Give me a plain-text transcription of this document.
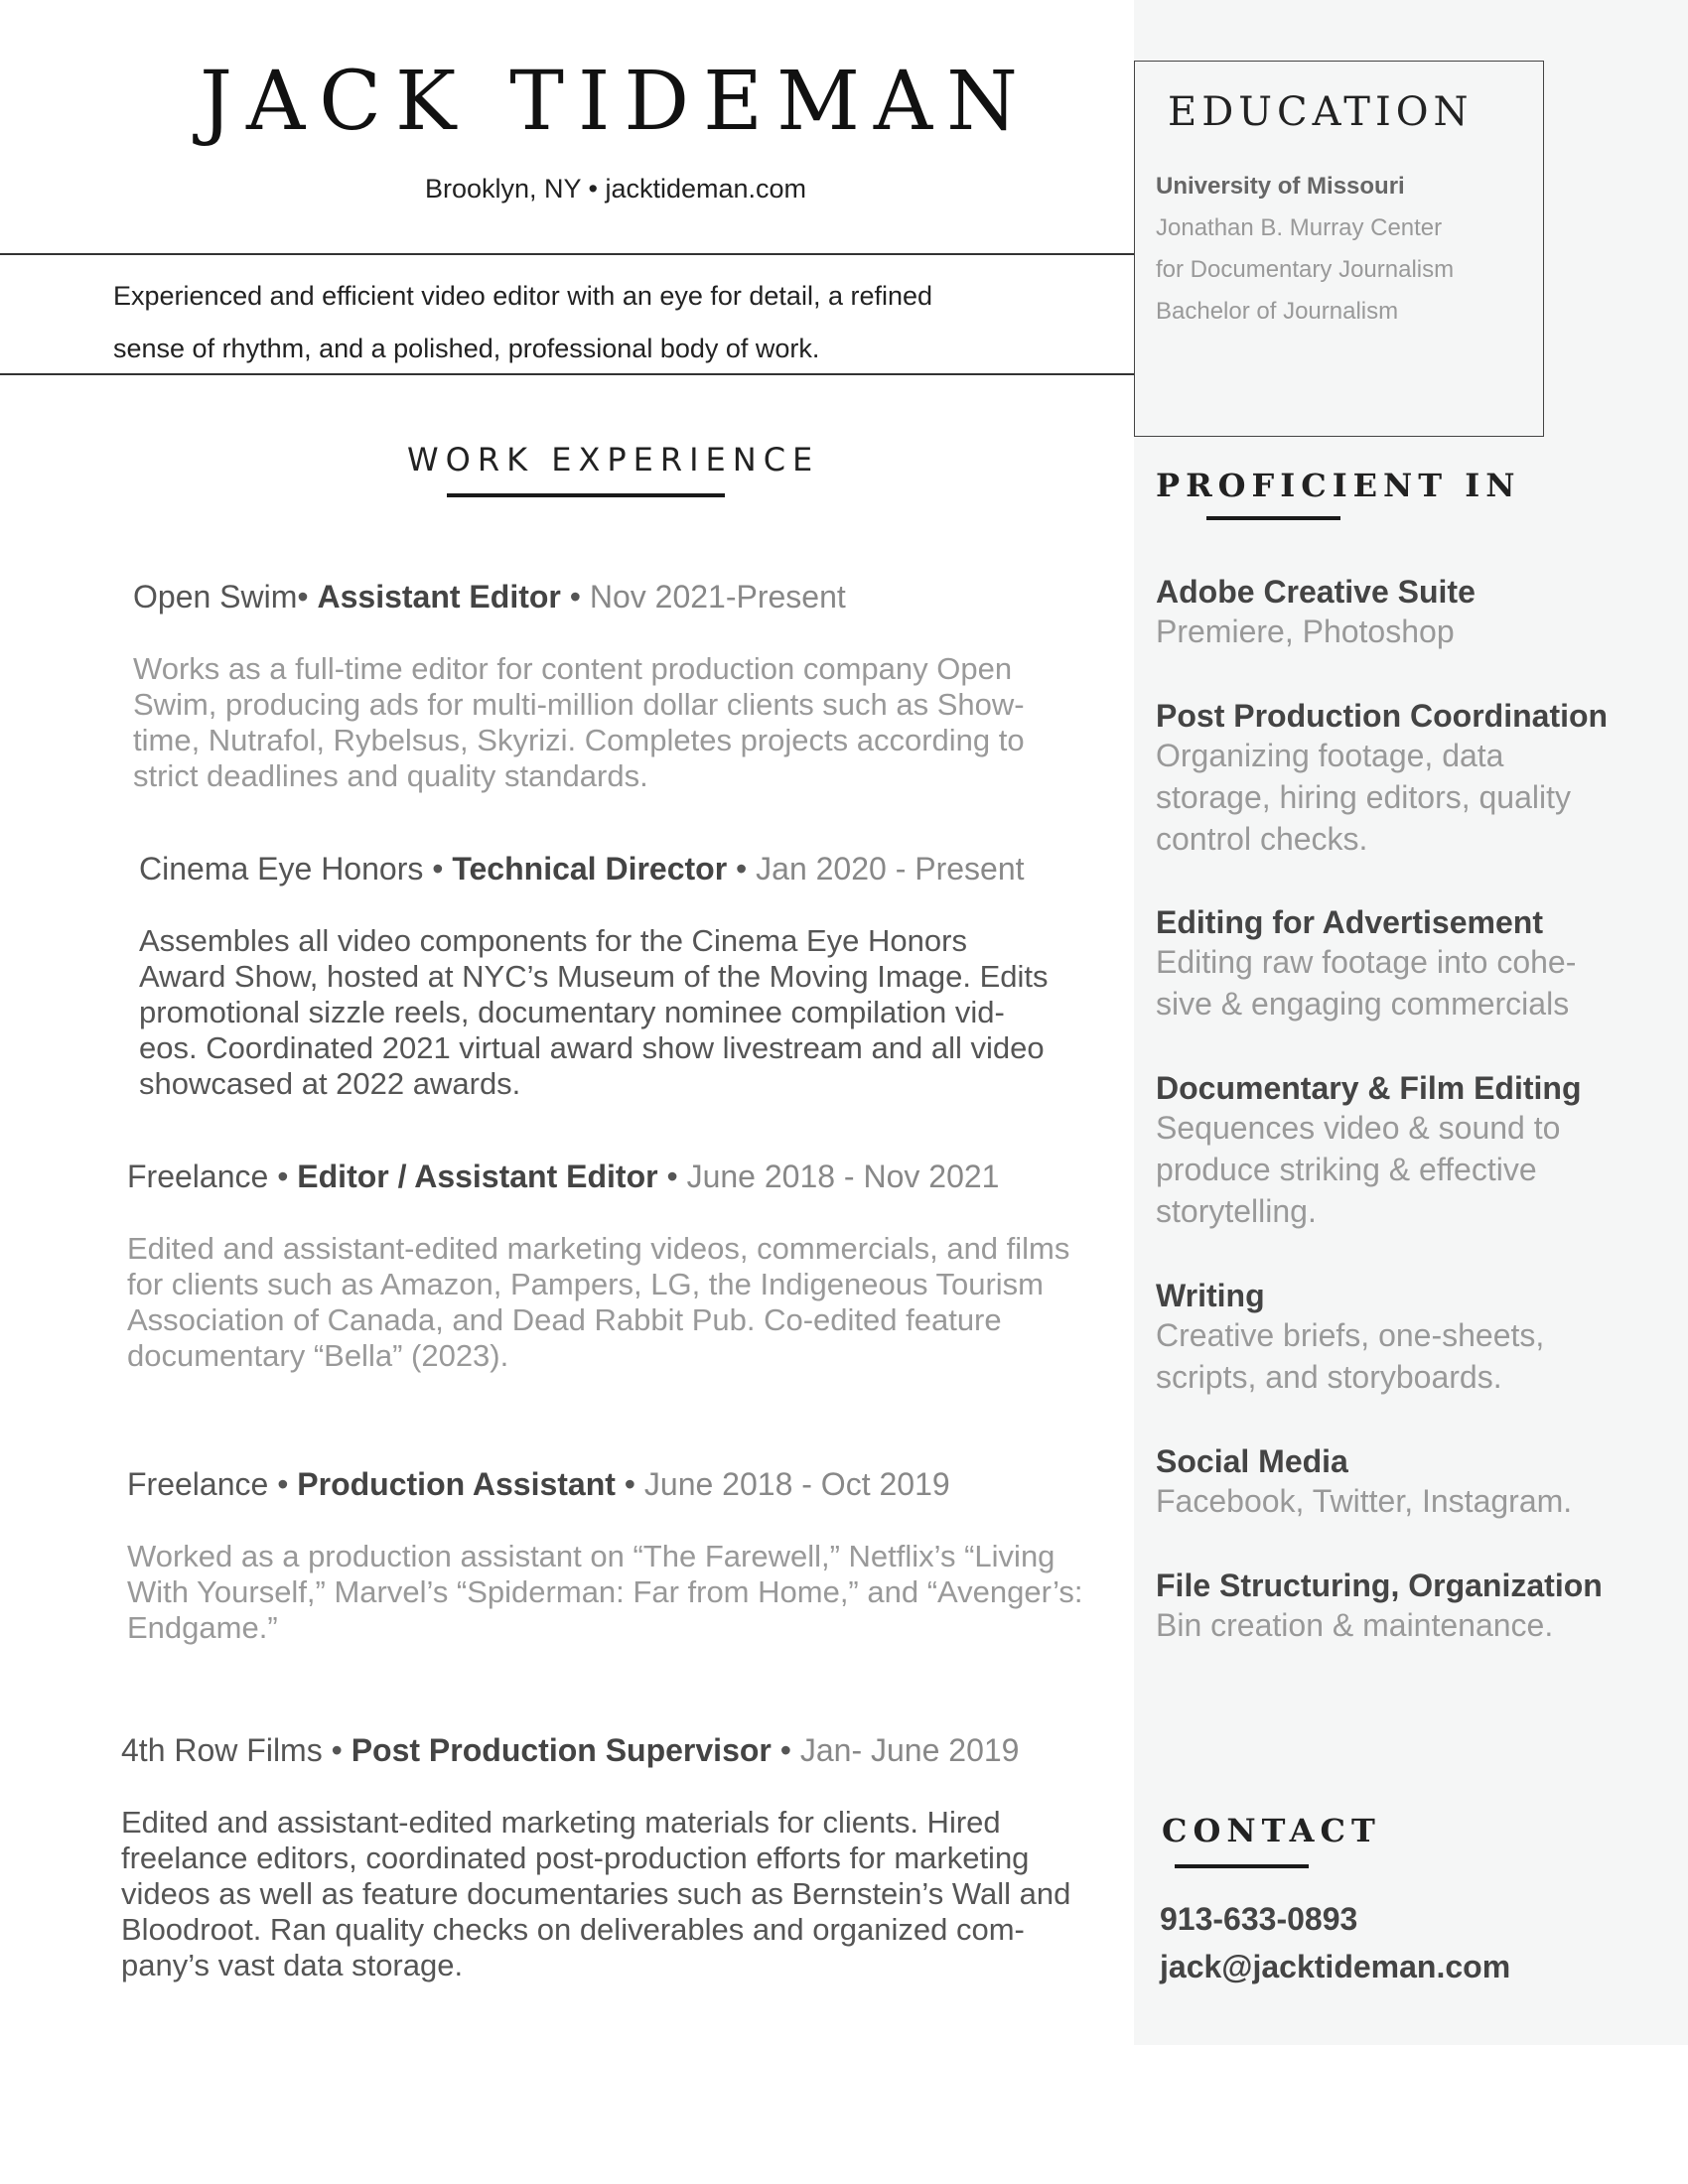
JACK TIDEMAN
Brooklyn, NY • jacktideman.com
Experienced and efficient video editor with an eye for detail, a refined
sense of rhythm, and a polished, professional body of work.
WORK EXPERIENCE
Open Swim• Assistant Editor • Nov 2021-Present
Works as a full-time editor for content production company Open
Swim, producing ads for multi-million dollar clients such as Show-
time, Nutrafol, Rybelsus, Skyrizi. Completes projects according to
strict deadlines and quality standards.
Cinema Eye Honors • Technical Director • Jan 2020 - Present
Assembles all video components for the Cinema Eye Honors
Award Show, hosted at NYC’s Museum of the Moving Image. Edits
promotional sizzle reels, documentary nominee compilation vid-
eos. Coordinated 2021 virtual award show livestream and all video
showcased at 2022 awards.
Freelance • Editor / Assistant Editor • June 2018 - Nov 2021
Edited and assistant-edited marketing videos, commercials, and films
for clients such as Amazon, Pampers, LG, the Indigeneous Tourism
Association of Canada, and Dead Rabbit Pub. Co-edited feature
documentary “Bella” (2023).
Freelance • Production Assistant • June 2018 - Oct 2019
Worked as a production assistant on “The Farewell,” Netflix’s “Living
With Yourself,” Marvel’s “Spiderman: Far from Home,” and “Avenger’s:
Endgame.”
4th Row Films • Post Production Supervisor • Jan- June 2019
Edited and assistant-edited marketing materials for clients. Hired
freelance editors, coordinated post-production efforts for marketing
videos as well as feature documentaries such as Bernstein’s Wall and
Bloodroot. Ran quality checks on deliverables and organized com-
pany’s vast data storage.
EDUCATION
University of Missouri
Jonathan B. Murray Center
for Documentary Journalism
Bachelor of Journalism
PROFICIENT IN
Adobe Creative Suite
Premiere, Photoshop
Post Production Coordination
Organizing footage, data
storage, hiring editors, quality
control checks.
Editing for Advertisement
Editing raw footage into cohe-
sive & engaging commercials
Documentary & Film Editing
Sequences video & sound to
produce striking & effective
storytelling.
Writing
Creative briefs, one-sheets,
scripts, and storyboards.
Social Media
Facebook, Twitter, Instagram.
File Structuring, Organization
Bin creation & maintenance.
CONTACT
913-633-0893
jack@jacktideman.com
